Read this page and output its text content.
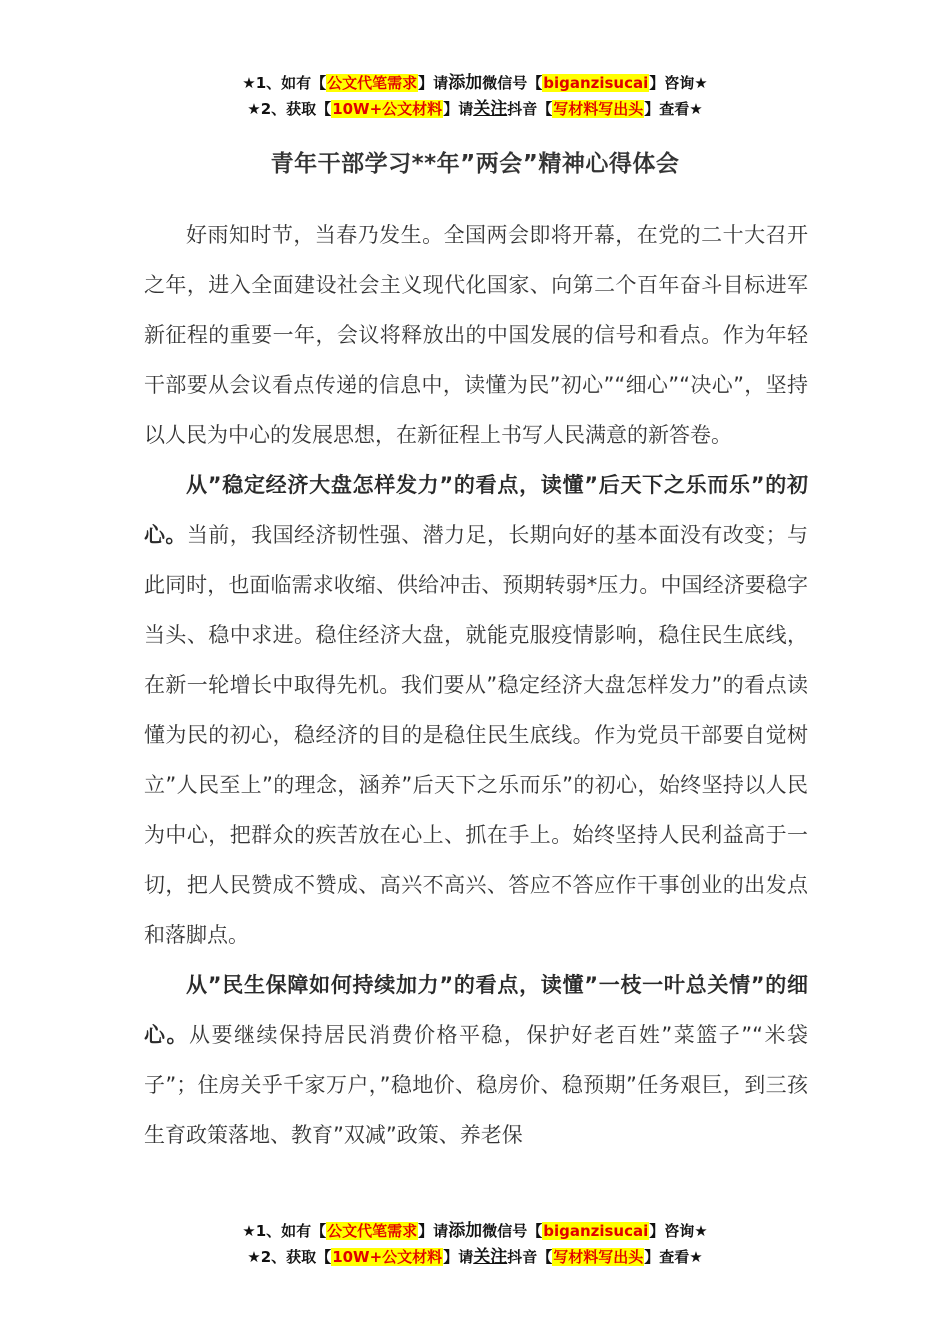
★1、如有【公文代笔需求】请添加微信号【biganzisucai】咨询★
★2、获取【10W+公文材料】请关注抖音【写材料写出头】查看★
青年干部学习**年”两会”精神心得体会

好雨知时节，当春乃发生。全国两会即将开幕，在党的二十大召开之年，进入全面建设社会主义现代化国家、向第二个百年奋斗目标进军新征程的重要一年，会议将释放出的中国发展的信号和看点。作为年轻干部要从会议看点传递的信息中，读懂为民”初心”“细心”“决心”，坚持以人民为中心的发展思想，在新征程上书写人民满意的新答卷。

从”稳定经济大盘怎样发力”的看点，读懂”后天下之乐而乐”的初心。当前，我国经济韧性强、潜力足，长期向好的基本面没有改变；与此同时，也面临需求收缩、供给冲击、预期转弱*压力。中国经济要稳字当头、稳中求进。稳住经济大盘，就能克服疫情影响，稳住民生底线，在新一轮增长中取得先机。我们要从”稳定经济大盘怎样发力”的看点读懂为民的初心，稳经济的目的是稳住民生底线。作为党员干部要自觉树立”人民至上”的理念，涵养”后天下之乐而乐”的初心，始终坚持以人民为中心，把群众的疾苦放在心上、抓在手上。始终坚持人民利益高于一切，把人民赞成不赞成、高兴不高兴、答应不答应作干事创业的出发点和落脚点。

从”民生保障如何持续加力”的看点，读懂”一枝一叶总关情”的细心。从要继续保持居民消费价格平稳，保护好老百姓”菜篮子”“米袋子”；住房关乎千家万户，”稳地价、稳房价、稳预期”任务艰巨，到三孩生育政策落地、教育”双减”政策、养老保

★1、如有【公文代笔需求】请添加微信号【biganzisucai】咨询★
★2、获取【10W+公文材料】请关注抖音【写材料写出头】查看★
